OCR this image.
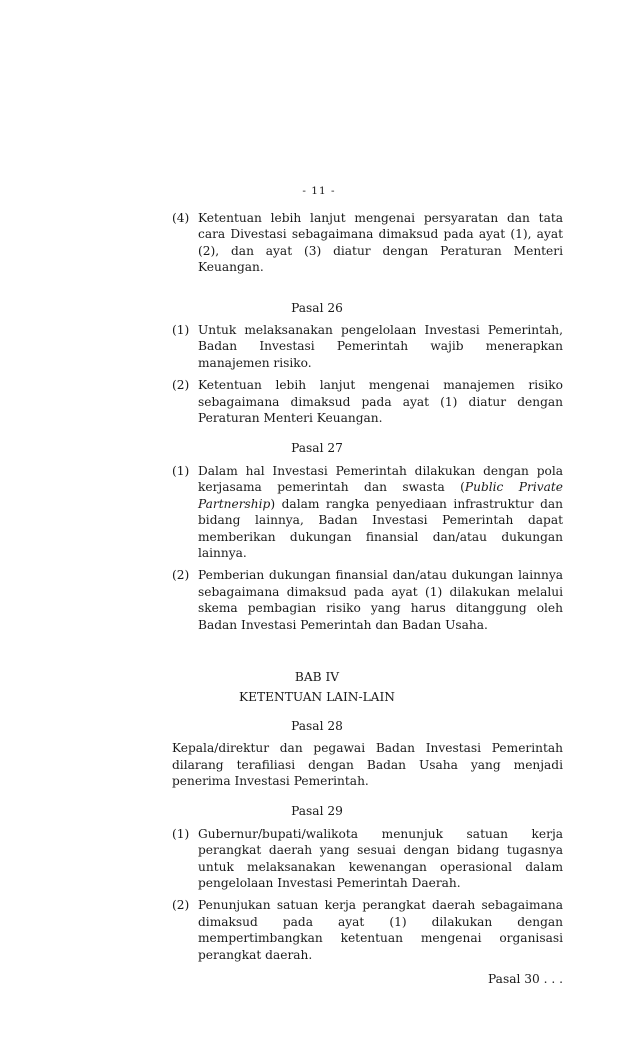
- 11 -
(4) Ketentuan lebih lanjut mengenai persyaratan dan tata cara Divestasi sebagaimana dimaksud pada ayat (1), ayat (2), dan ayat (3) diatur dengan Peraturan Menteri Keuangan.
Pasal 26
(1) Untuk melaksanakan pengelolaan Investasi Pemerintah, Badan Investasi Pemerintah wajib menerapkan manajemen risiko.
(2) Ketentuan lebih lanjut mengenai manajemen risiko sebagaimana dimaksud pada ayat (1) diatur dengan Peraturan Menteri Keuangan.
Pasal 27
(1) Dalam hal Investasi Pemerintah dilakukan dengan pola kerjasama pemerintah dan swasta (Public Private Partnership) dalam rangka penyediaan infrastruktur dan bidang lainnya, Badan Investasi Pemerintah dapat memberikan dukungan finansial dan/atau dukungan lainnya.
(2) Pemberian dukungan finansial dan/atau dukungan lainnya sebagaimana dimaksud pada ayat (1) dilakukan melalui skema pembagian risiko yang harus ditanggung oleh Badan Investasi Pemerintah dan Badan Usaha.
BAB IV
KETENTUAN LAIN-LAIN
Pasal 28
Kepala/direktur dan pegawai Badan Investasi Pemerintah dilarang terafiliasi dengan Badan Usaha yang menjadi penerima Investasi Pemerintah.
Pasal 29
(1) Gubernur/bupati/walikota menunjuk satuan kerja perangkat daerah yang sesuai dengan bidang tugasnya untuk melaksanakan kewenangan operasional dalam pengelolaan Investasi Pemerintah Daerah.
(2) Penunjukan satuan kerja perangkat daerah sebagaimana dimaksud pada ayat (1) dilakukan dengan mempertimbangkan ketentuan mengenai organisasi perangkat daerah.
Pasal 30 . . .
